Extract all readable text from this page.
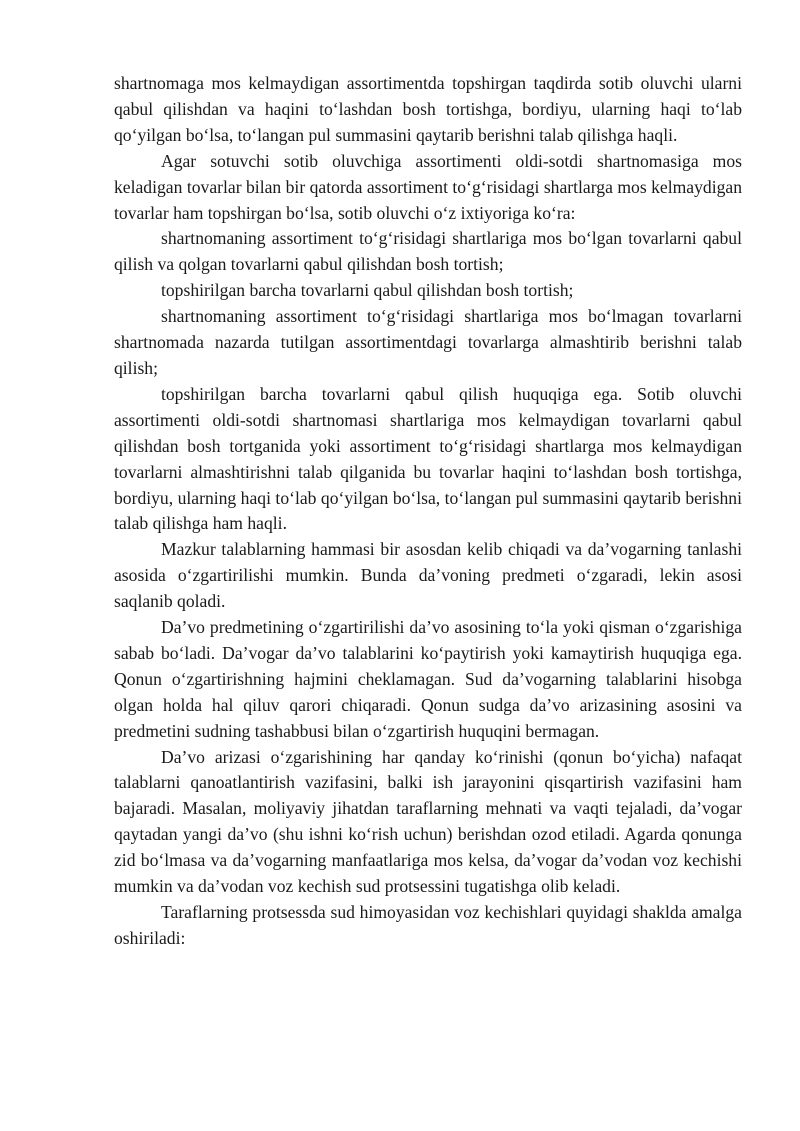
shartnomaga mos kelmaydigan assortimentda topshirgan taqdirda sotib oluvchi ularni qabul qilishdan va haqini to‘lashdan bosh tortishga, bordiyu, ularning haqi to‘lab qo‘yilgan bo‘lsa, to‘langan pul summasini qaytarib berishni talab qilishga haqli.

Agar sotuvchi sotib oluvchiga assortimenti oldi-sotdi shartnomasiga mos keladigan tovarlar bilan bir qatorda assortiment to‘g‘risidagi shartlarga mos kelmaydigan tovarlar ham topshirgan bo‘lsa, sotib oluvchi o‘z ixtiyoriga ko‘ra:

shartnomaning assortiment to‘g‘risidagi shartlariga mos bo‘lgan tovarlarni qabul qilish va qolgan tovarlarni qabul qilishdan bosh tortish;

topshirilgan barcha tovarlarni qabul qilishdan bosh tortish;

shartnomaning assortiment to‘g‘risidagi shartlariga mos bo‘lmagan tovarlarni shartnomada nazarda tutilgan assortimentdagi tovarlarga almashtirib berishni talab qilish;

topshirilgan barcha tovarlarni qabul qilish huquqiga ega. Sotib oluvchi assortimenti oldi-sotdi shartnomasi shartlariga mos kelmaydigan tovarlarni qabul qilishdan bosh tortganida yoki assortiment to‘g‘risidagi shartlarga mos kelmaydigan tovarlarni almashtirishni talab qilganida bu tovarlar haqini to‘lashdan bosh tortishga, bordiyu, ularning haqi to‘lab qo‘yilgan bo‘lsa, to‘langan pul summasini qaytarib berishni talab qilishga ham haqli.

Mazkur talablarning hammasi bir asosdan kelib chiqadi va da’vogarning tanlashi asosida o‘zgartirilishi mumkin. Bunda da’voning predmeti o‘zgaradi, lekin asosi saqlanib qoladi.

Da’vo predmetining o‘zgartirilishi da’vo asosining to‘la yoki qisman o‘zgarishiga sabab bo‘ladi. Da’vogar da’vo talablarini ko‘paytirish yoki kamaytirish huquqiga ega. Qonun o‘zgartirishning hajmini cheklamagan. Sud da’vogarning talablarini hisobga olgan holda hal qiluv qarori chiqaradi. Qonun sudga da’vo arizasining asosini va predmetini sudning tashabbusi bilan o‘zgartirish huquqini bermagan.

Da’vo arizasi o‘zgarishining har qanday ko‘rinishi (qonun bo‘yicha) nafaqat talablarni qanoatlantirish vazifasini, balki ish jarayonini qisqartirish vazifasini ham bajaradi. Masalan, moliyaviy jihatdan taraflarning mehnati va vaqti tejaladi, da’vogar qaytadan yangi da’vo (shu ishni ko‘rish uchun) berishdan ozod etiladi. Agarda qonunga zid bo‘lmasa va da’vogarning manfaatlariga mos kelsa, da’vogar da’vodan voz kechishi mumkin va da’vodan voz kechish sud protsessini tugatishga olib keladi.

Taraflarning protsessda sud himoyasidan voz kechishlari quyidagi shaklda amalga oshiriladi:
